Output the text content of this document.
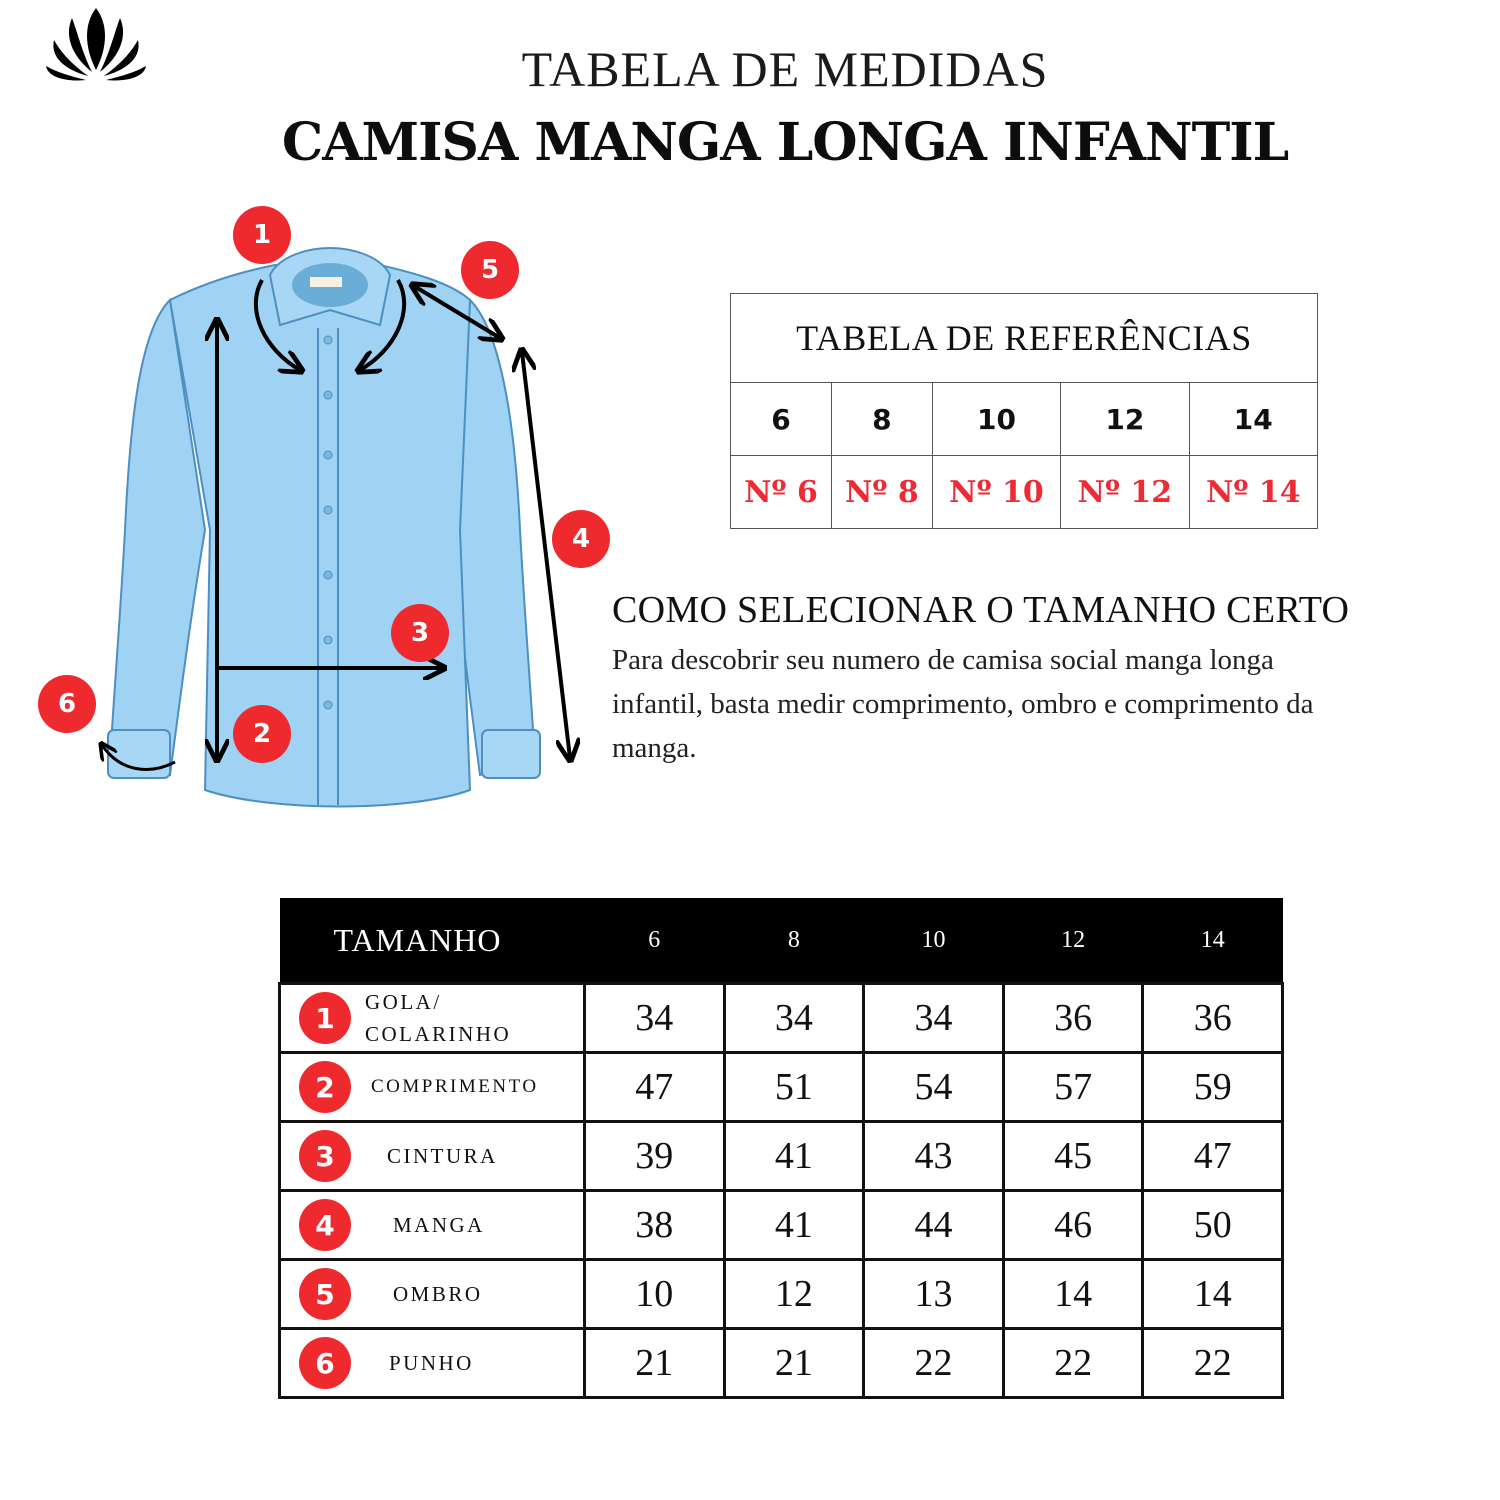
TABELA DE MEDIDAS
CAMISA MANGA LONGA INFANTIL
1
2
3
4
5
6
TABELA DE REFERÊNCIAS				
6	8	10	12	14
Nº 6	Nº 8	Nº 10	Nº 12	Nº 14
COMO SELECIONAR O TAMANHO CERTO
Para descobrir seu numero de camisa social manga longa infantil, basta medir comprimento, ombro e comprimento da manga.
TAMANHO	6	8	10	12	14

1 GOLA/ COLARINHO	34	34	34	36	36

2 COMPRIMENTO	47	51	54	57	59

3 CINTURA	39	41	43	45	47

4 MANGA	38	41	44	46	50

5 OMBRO	10	12	13	14	14

6 PUNHO	21	21	22	22	22
